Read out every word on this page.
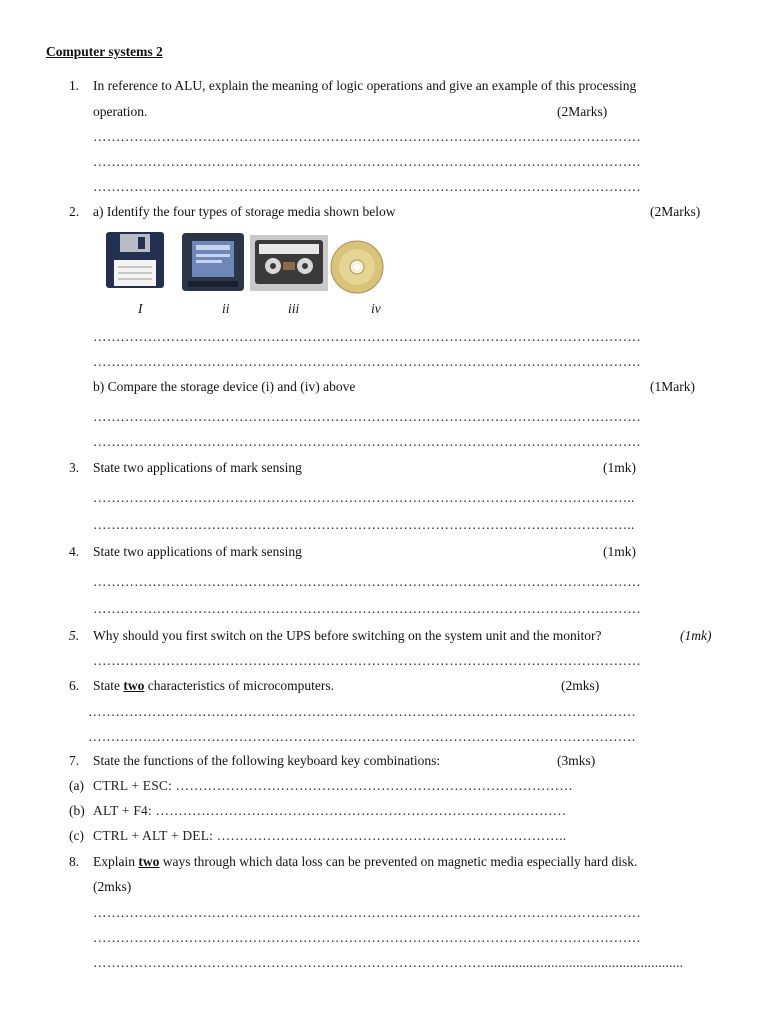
Computer systems 2
1.	In reference to ALU, explain the meaning of logic operations and give an example of this processing
operation.	(2Marks)
…………………………………………………………………………………………………………
…………………………………………………………………………………………………………
…………………………………………………………………………………………………………
2.	a) Identify the four types of storage media shown below	(2Marks)
I	ii	iii	iv
…………………………………………………………………………………………………………
…………………………………………………………………………………………………………
b) Compare the storage device (i) and (iv) above	(1Mark)
…………………………………………………………………………………………………………
…………………………………………………………………………………………………………
3.	State two applications of mark sensing	(1mk)
………………………………………………………………………………………………………..
………………………………………………………………………………………………………..
4.	State two applications of mark sensing	(1mk)
…………………………………………………………………………………………………………
…………………………………………………………………………………………………………
5.	Why should you first switch on the UPS before switching on the system unit and the monitor?	(1mk)
…………………………………………………………………………………………………………
6.	State two characteristics of microcomputers.	(2mks)
…………………………………………………………………………………………………………
…………………………………………………………………………………………………………
7.	State the functions of the following keyboard key combinations:	(3mks)
(a) CTRL + ESC: ……………………………………………………………………………
(b) ALT + F4: ………………………………………………………………………………
(c) CTRL + ALT + DEL: …………………………………………………………………..
8.	Explain two ways through which data loss can be prevented on magnetic media especially hard disk.
(2mks)
…………………………………………………………………………………………………………
…………………………………………………………………………………………………………
……………………………………………………………………………......................................................
